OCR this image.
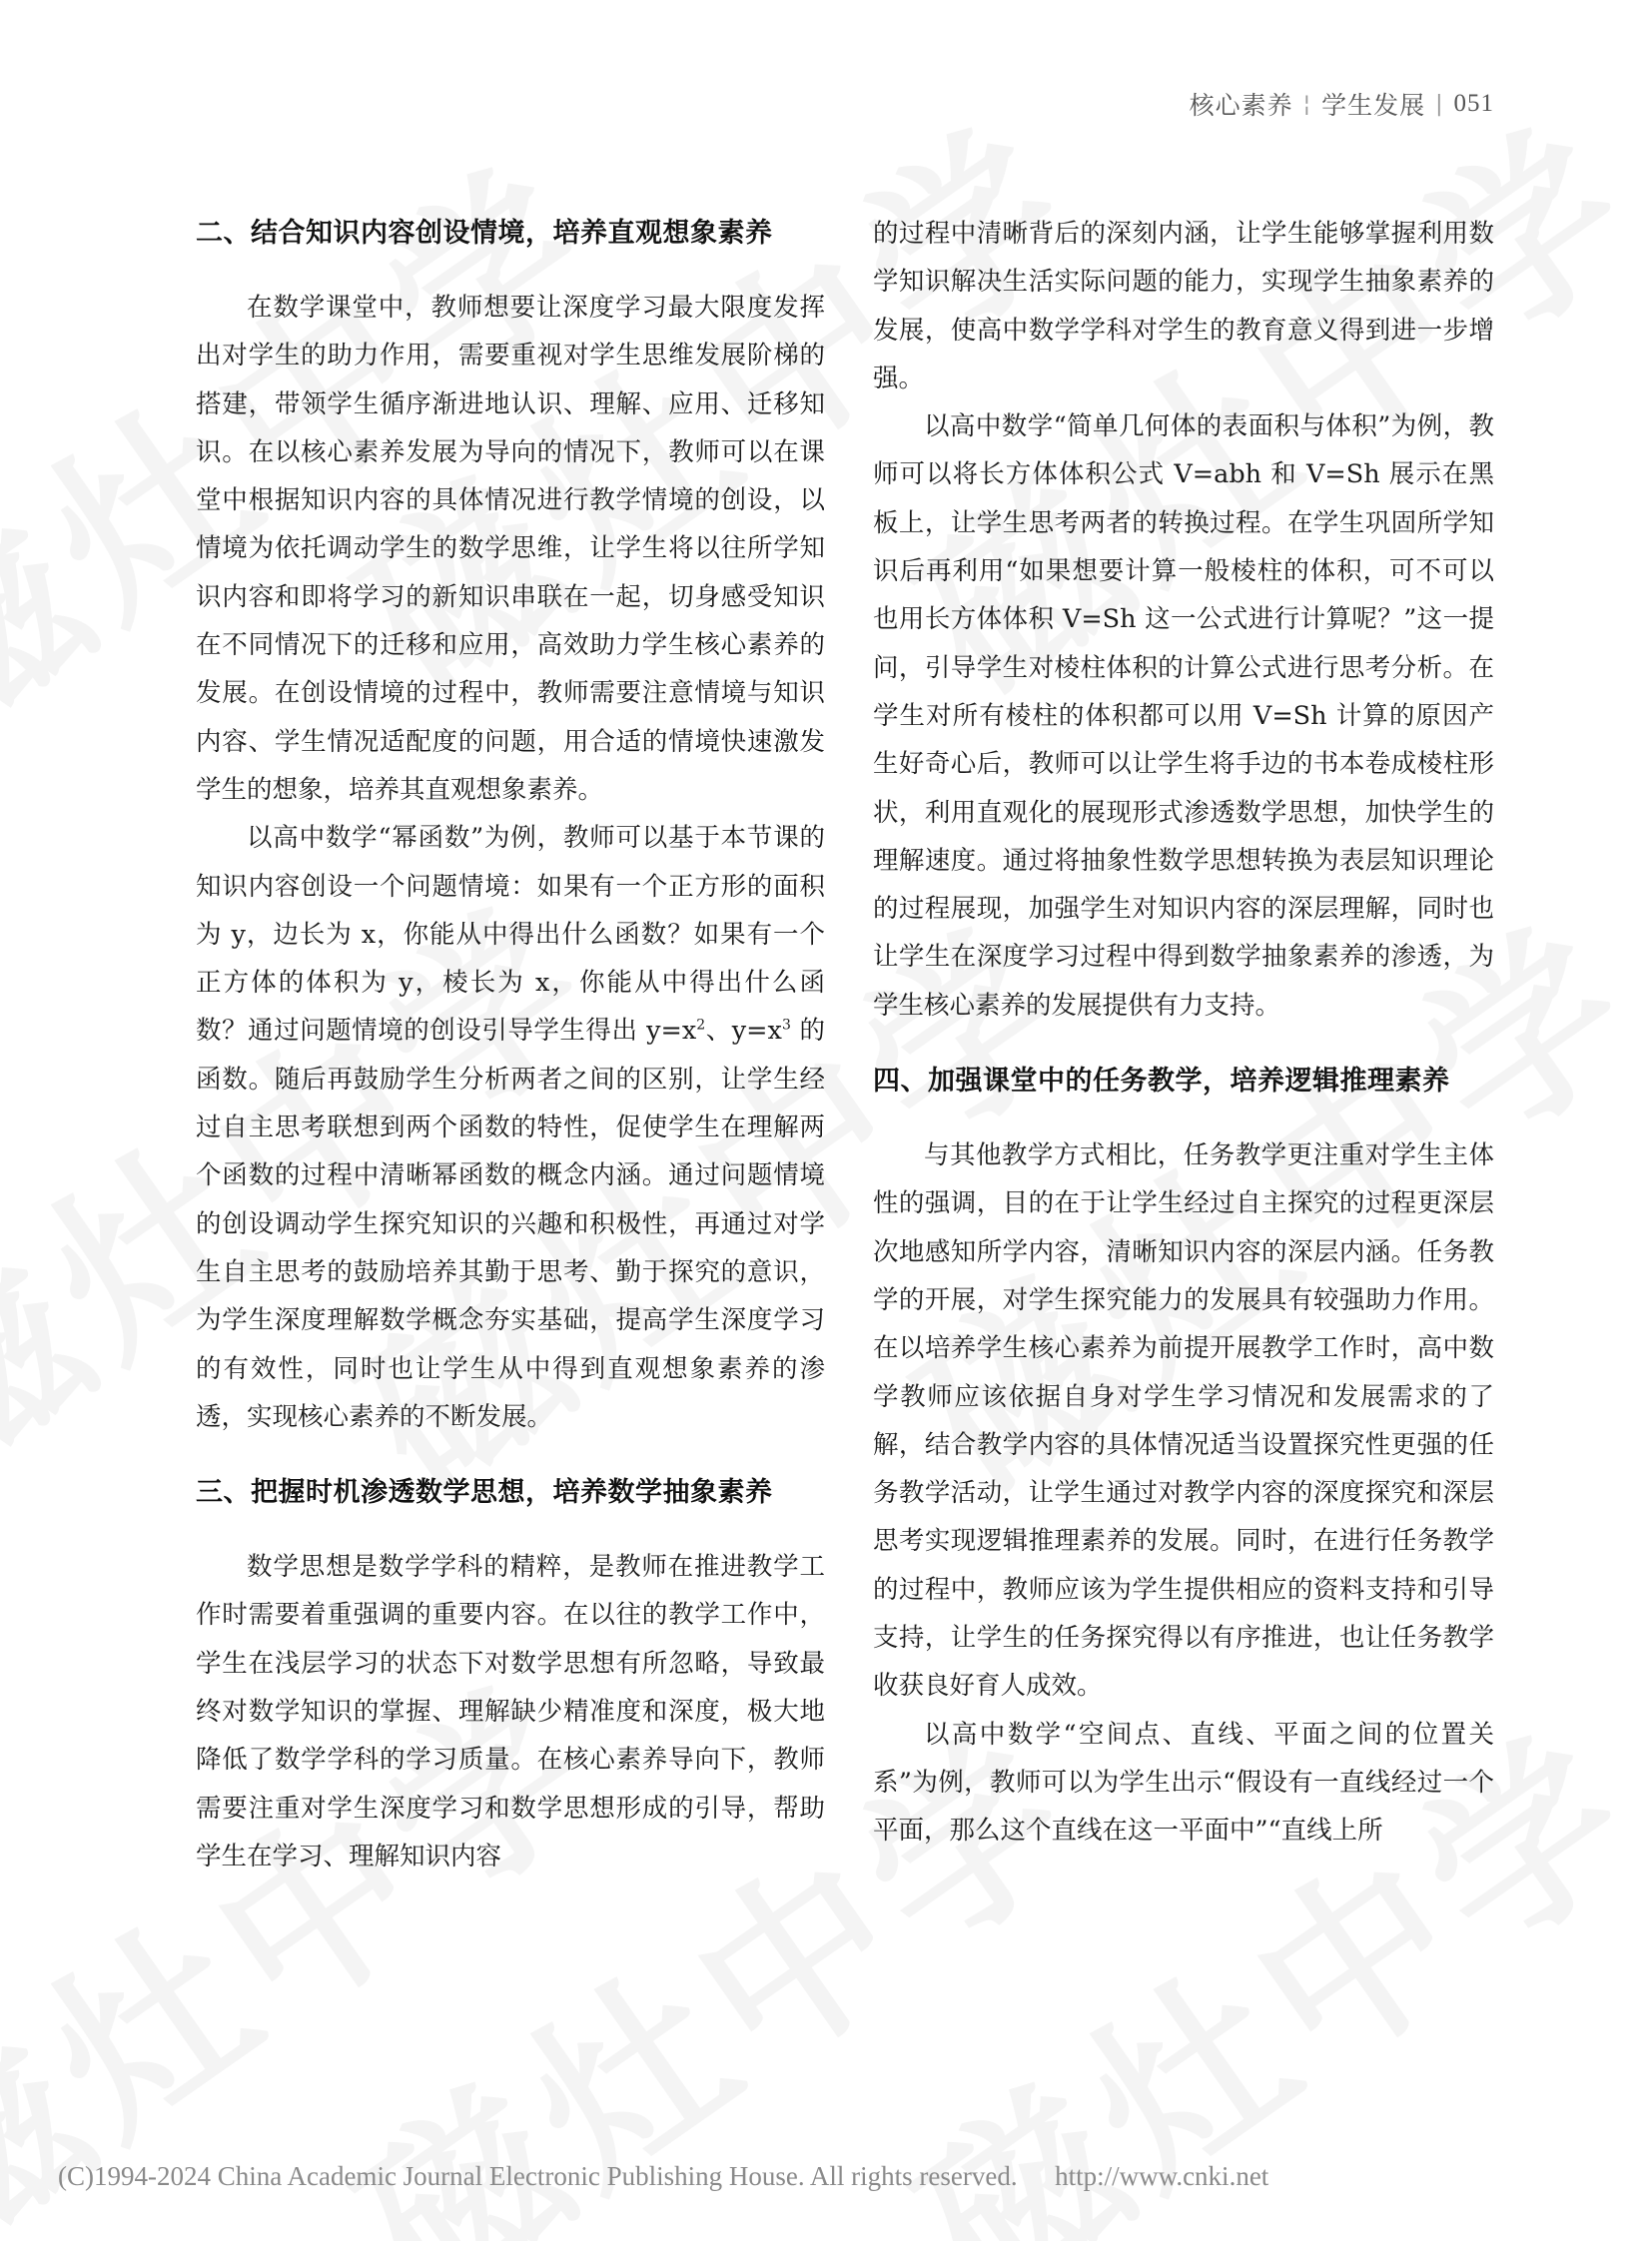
核心素养 ¦ 学生发展 | 051
二、结合知识内容创设情境，培养直观想象素养

在数学课堂中，教师想要让深度学习最大限度发挥出对学生的助力作用，需要重视对学生思维发展阶梯的搭建，带领学生循序渐进地认识、理解、应用、迁移知识。在以核心素养发展为导向的情况下，教师可以在课堂中根据知识内容的具体情况进行教学情境的创设，以情境为依托调动学生的数学思维，让学生将以往所学知识内容和即将学习的新知识串联在一起，切身感受知识在不同情况下的迁移和应用，高效助力学生核心素养的发展。在创设情境的过程中，教师需要注意情境与知识内容、学生情况适配度的问题，用合适的情境快速激发学生的想象，培养其直观想象素养。

以高中数学“幂函数”为例，教师可以基于本节课的知识内容创设一个问题情境：如果有一个正方形的面积为 y，边长为 x，你能从中得出什么函数？如果有一个正方体的体积为 y，棱长为 x，你能从中得出什么函数？通过问题情境的创设引导学生得出 $y=x^2$、$y=x^3$ 的函数。随后再鼓励学生分析两者之间的区别，让学生经过自主思考联想到两个函数的特性，促使学生在理解两个函数的过程中清晰幂函数的概念内涵。通过问题情境的创设调动学生探究知识的兴趣和积极性，再通过对学生自主思考的鼓励培养其勤于思考、勤于探究的意识，为学生深度理解数学概念夯实基础，提高学生深度学习的有效性，同时也让学生从中得到直观想象素养的渗透，实现核心素养的不断发展。

三、把握时机渗透数学思想，培养数学抽象素养

数学思想是数学学科的精粹，是教师在推进教学工作时需要着重强调的重要内容。在以往的教学工作中，学生在浅层学习的状态下对数学思想有所忽略，导致最终对数学知识的掌握、理解缺少精准度和深度，极大地降低了数学学科的学习质量。在核心素养导向下，教师需要注重对学生深度学习和数学思想形成的引导，帮助学生在学习、理解知识内容

的过程中清晰背后的深刻内涵，让学生能够掌握利用数学知识解决生活实际问题的能力，实现学生抽象素养的发展，使高中数学学科对学生的教育意义得到进一步增强。

以高中数学“简单几何体的表面积与体积”为例，教师可以将长方体体积公式 V=abh 和 V=Sh 展示在黑板上，让学生思考两者的转换过程。在学生巩固所学知识后再利用“如果想要计算一般棱柱的体积，可不可以也用长方体体积 V=Sh 这一公式进行计算呢？”这一提问，引导学生对棱柱体积的计算公式进行思考分析。在学生对所有棱柱的体积都可以用 V=Sh 计算的原因产生好奇心后，教师可以让学生将手边的书本卷成棱柱形状，利用直观化的展现形式渗透数学思想，加快学生的理解速度。通过将抽象性数学思想转换为表层知识理论的过程展现，加强学生对知识内容的深层理解，同时也让学生在深度学习过程中得到数学抽象素养的渗透，为学生核心素养的发展提供有力支持。

四、加强课堂中的任务教学，培养逻辑推理素养

与其他教学方式相比，任务教学更注重对学生主体性的强调，目的在于让学生经过自主探究的过程更深层次地感知所学内容，清晰知识内容的深层内涵。任务教学的开展，对学生探究能力的发展具有较强助力作用。在以培养学生核心素养为前提开展教学工作时，高中数学教师应该依据自身对学生学习情况和发展需求的了解，结合教学内容的具体情况适当设置探究性更强的任务教学活动，让学生通过对教学内容的深度探究和深层思考实现逻辑推理素养的发展。同时，在进行任务教学的过程中，教师应该为学生提供相应的资料支持和引导支持，让学生的任务探究得以有序推进，也让任务教学收获良好育人成效。

以高中数学“空间点、直线、平面之间的位置关系”为例，教师可以为学生出示“假设有一直线经过一个平面，那么这个直线在这一平面中”“直线上所

(C)1994-2024 China Academic Journal Electronic Publishing House. All rights reserved. http://www.cnki.net
